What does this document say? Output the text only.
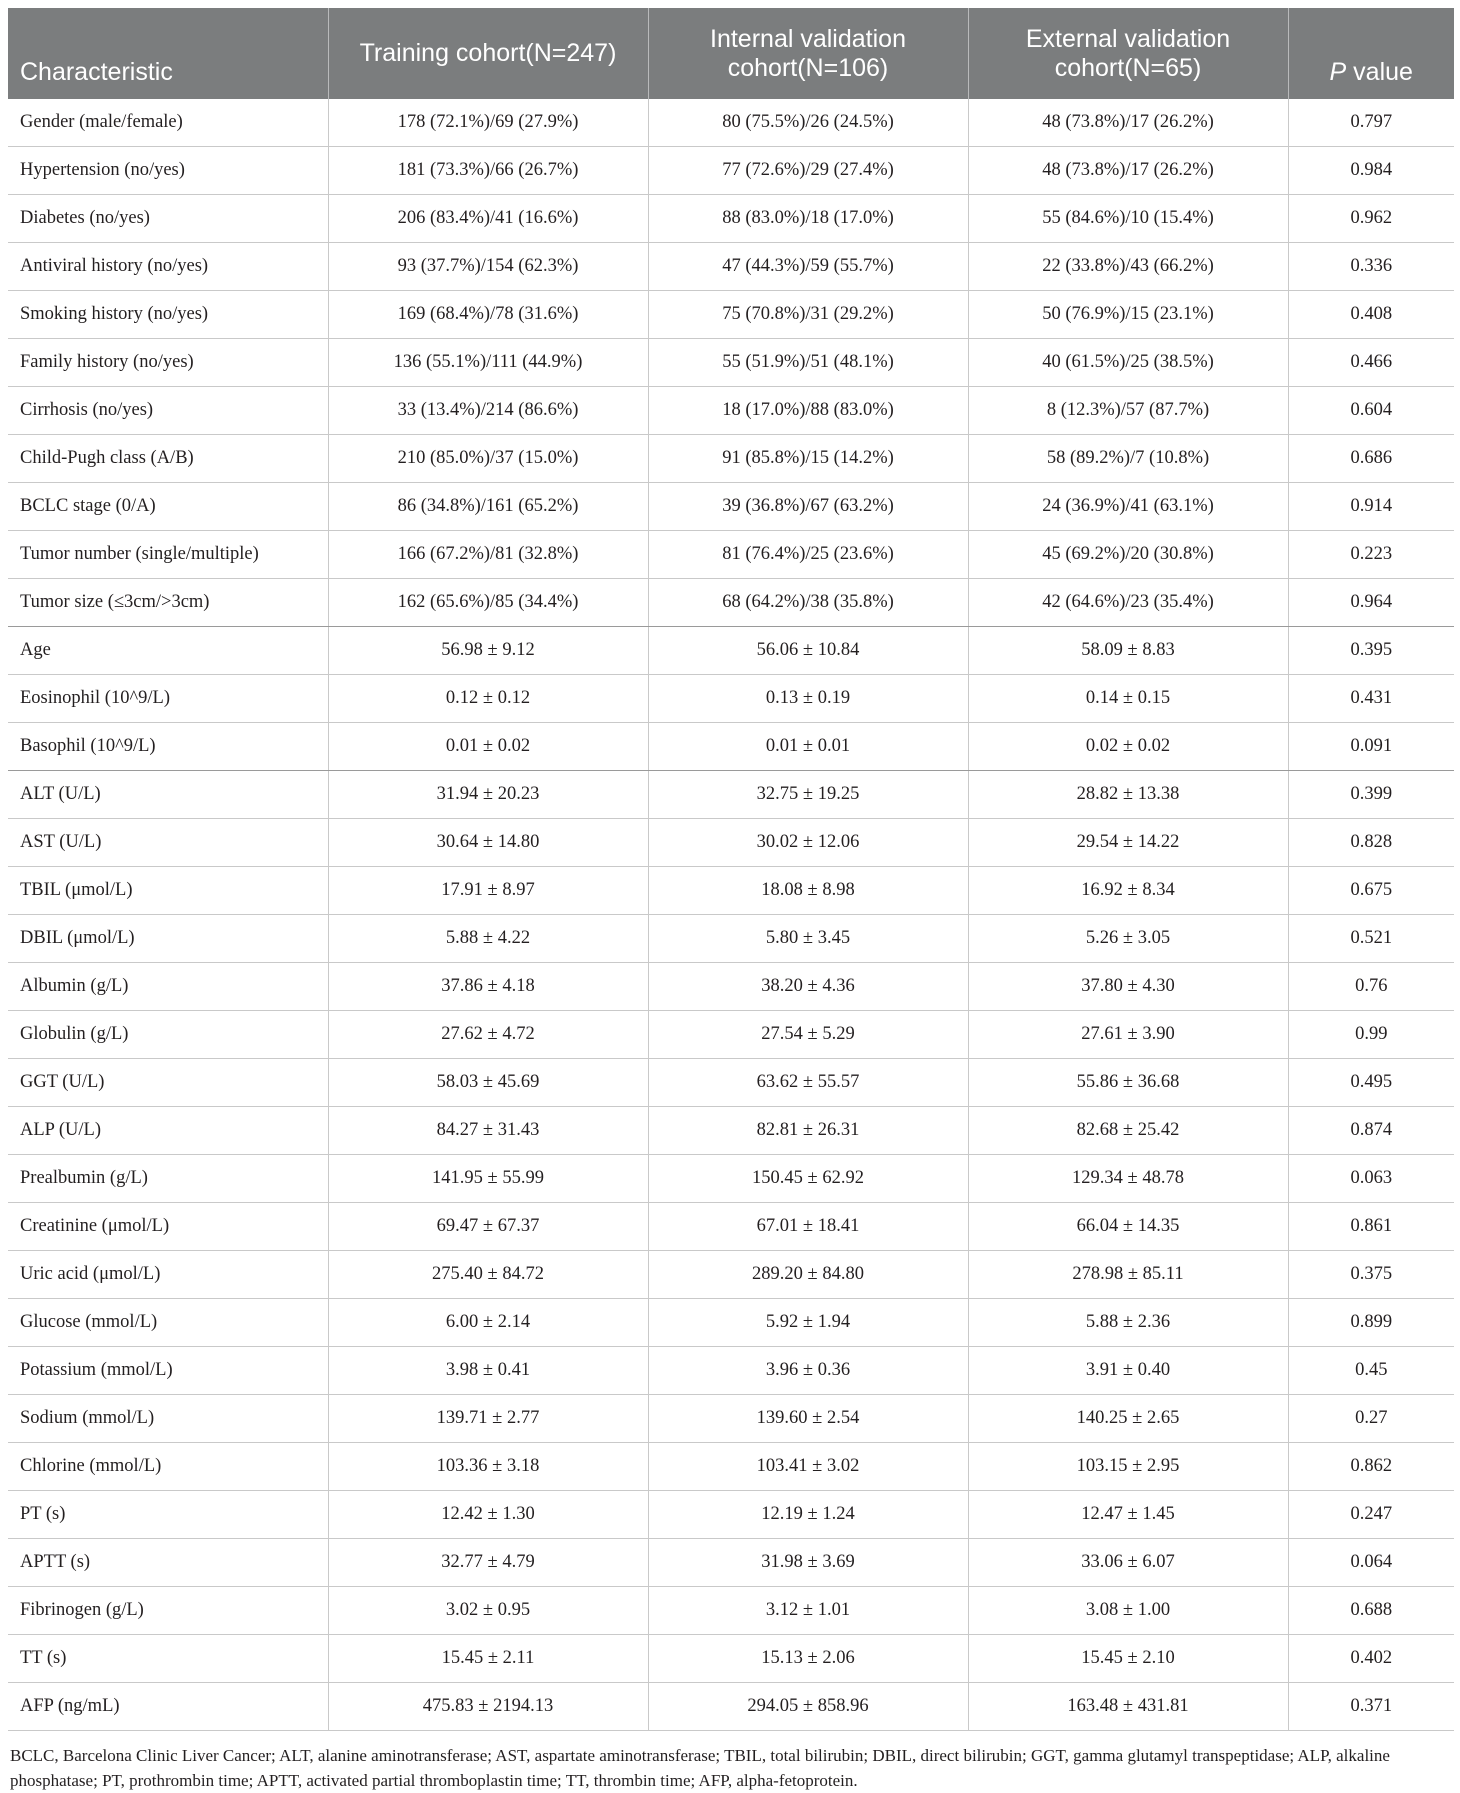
Characteristic	Training cohort(N=247)	Internal validation cohort(N=106)	External validation cohort(N=65)	P value
Gender (male/female)	178 (72.1%)/69 (27.9%)	80 (75.5%)/26 (24.5%)	48 (73.8%)/17 (26.2%)	0.797
Hypertension (no/yes)	181 (73.3%)/66 (26.7%)	77 (72.6%)/29 (27.4%)	48 (73.8%)/17 (26.2%)	0.984
Diabetes (no/yes)	206 (83.4%)/41 (16.6%)	88 (83.0%)/18 (17.0%)	55 (84.6%)/10 (15.4%)	0.962
Antiviral history (no/yes)	93 (37.7%)/154 (62.3%)	47 (44.3%)/59 (55.7%)	22 (33.8%)/43 (66.2%)	0.336
Smoking history (no/yes)	169 (68.4%)/78 (31.6%)	75 (70.8%)/31 (29.2%)	50 (76.9%)/15 (23.1%)	0.408
Family history (no/yes)	136 (55.1%)/111 (44.9%)	55 (51.9%)/51 (48.1%)	40 (61.5%)/25 (38.5%)	0.466
Cirrhosis (no/yes)	33 (13.4%)/214 (86.6%)	18 (17.0%)/88 (83.0%)	8 (12.3%)/57 (87.7%)	0.604
Child-Pugh class (A/B)	210 (85.0%)/37 (15.0%)	91 (85.8%)/15 (14.2%)	58 (89.2%)/7 (10.8%)	0.686
BCLC stage (0/A)	86 (34.8%)/161 (65.2%)	39 (36.8%)/67 (63.2%)	24 (36.9%)/41 (63.1%)	0.914
Tumor number (single/multiple)	166 (67.2%)/81 (32.8%)	81 (76.4%)/25 (23.6%)	45 (69.2%)/20 (30.8%)	0.223
Tumor size (≤3cm/>3cm)	162 (65.6%)/85 (34.4%)	68 (64.2%)/38 (35.8%)	42 (64.6%)/23 (35.4%)	0.964
Age	56.98 ± 9.12	56.06 ± 10.84	58.09 ± 8.83	0.395
Eosinophil (10^9/L)	0.12 ± 0.12	0.13 ± 0.19	0.14 ± 0.15	0.431
Basophil (10^9/L)	0.01 ± 0.02	0.01 ± 0.01	0.02 ± 0.02	0.091
ALT (U/L)	31.94 ± 20.23	32.75 ± 19.25	28.82 ± 13.38	0.399
AST (U/L)	30.64 ± 14.80	30.02 ± 12.06	29.54 ± 14.22	0.828
TBIL (μmol/L)	17.91 ± 8.97	18.08 ± 8.98	16.92 ± 8.34	0.675
DBIL (μmol/L)	5.88 ± 4.22	5.80 ± 3.45	5.26 ± 3.05	0.521
Albumin (g/L)	37.86 ± 4.18	38.20 ± 4.36	37.80 ± 4.30	0.76
Globulin (g/L)	27.62 ± 4.72	27.54 ± 5.29	27.61 ± 3.90	0.99
GGT (U/L)	58.03 ± 45.69	63.62 ± 55.57	55.86 ± 36.68	0.495
ALP (U/L)	84.27 ± 31.43	82.81 ± 26.31	82.68 ± 25.42	0.874
Prealbumin (g/L)	141.95 ± 55.99	150.45 ± 62.92	129.34 ± 48.78	0.063
Creatinine (μmol/L)	69.47 ± 67.37	67.01 ± 18.41	66.04 ± 14.35	0.861
Uric acid (μmol/L)	275.40 ± 84.72	289.20 ± 84.80	278.98 ± 85.11	0.375
Glucose (mmol/L)	6.00 ± 2.14	5.92 ± 1.94	5.88 ± 2.36	0.899
Potassium (mmol/L)	3.98 ± 0.41	3.96 ± 0.36	3.91 ± 0.40	0.45
Sodium (mmol/L)	139.71 ± 2.77	139.60 ± 2.54	140.25 ± 2.65	0.27
Chlorine (mmol/L)	103.36 ± 3.18	103.41 ± 3.02	103.15 ± 2.95	0.862
PT (s)	12.42 ± 1.30	12.19 ± 1.24	12.47 ± 1.45	0.247
APTT (s)	32.77 ± 4.79	31.98 ± 3.69	33.06 ± 6.07	0.064
Fibrinogen (g/L)	3.02 ± 0.95	3.12 ± 1.01	3.08 ± 1.00	0.688
TT (s)	15.45 ± 2.11	15.13 ± 2.06	15.45 ± 2.10	0.402
AFP (ng/mL)	475.83 ± 2194.13	294.05 ± 858.96	163.48 ± 431.81	0.371
BCLC, Barcelona Clinic Liver Cancer; ALT, alanine aminotransferase; AST, aspartate aminotransferase; TBIL, total bilirubin; DBIL, direct bilirubin; GGT, gamma glutamyl transpeptidase; ALP, alkaline phosphatase; PT, prothrombin time; APTT, activated partial thromboplastin time; TT, thrombin time; AFP, alpha-fetoprotein.
